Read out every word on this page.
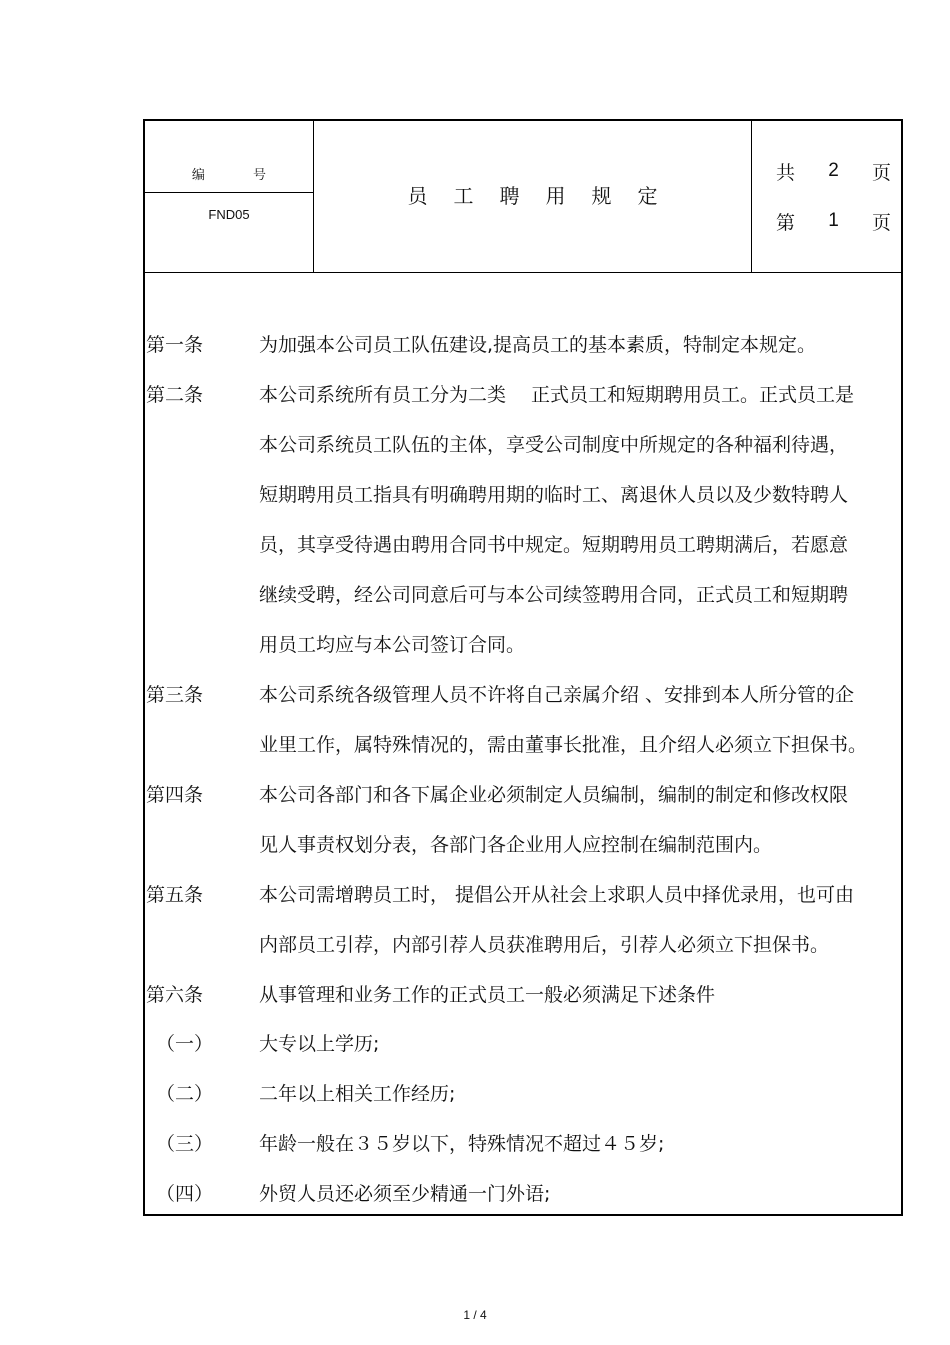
编 号
FND05
员工聘用规定
共 2 页
第 1 页
第一条	为加强本公司员工队伍建设,提高员工的基本素质，特制定本规定。
第二条	本公司系统所有员工分为二类　 正式员工和短期聘用员工。正式员工是
本公司系统员工队伍的主体，享受公司制度中所规定的各种福利待遇，
短期聘用员工指具有明确聘用期的临时工、离退休人员以及少数特聘人
员，其享受待遇由聘用合同书中规定。短期聘用员工聘期满后，若愿意
继续受聘，经公司同意后可与本公司续签聘用合同，正式员工和短期聘
用员工均应与本公司签订合同。
第三条	本公司系统各级管理人员不许将自己亲属介绍 、安排到本人所分管的企
业里工作，属特殊情况的，需由董事长批准，且介绍人必须立下担保书。
第四条	本公司各部门和各下属企业必须制定人员编制，编制的制定和修改权限
见人事责权划分表，各部门各企业用人应控制在编制范围内。
第五条	本公司需增聘员工时， 提倡公开从社会上求职人员中择优录用，也可由
内部员工引荐，内部引荐人员获准聘用后，引荐人必须立下担保书。
第六条	从事管理和业务工作的正式员工一般必须满足下述条件
（一） 大专以上学历;
（二） 二年以上相关工作经历;
（三） 年龄一般在３５岁以下，特殊情况不超过４５岁;
（四） 外贸人员还必须至少精通一门外语;
1 / 4
